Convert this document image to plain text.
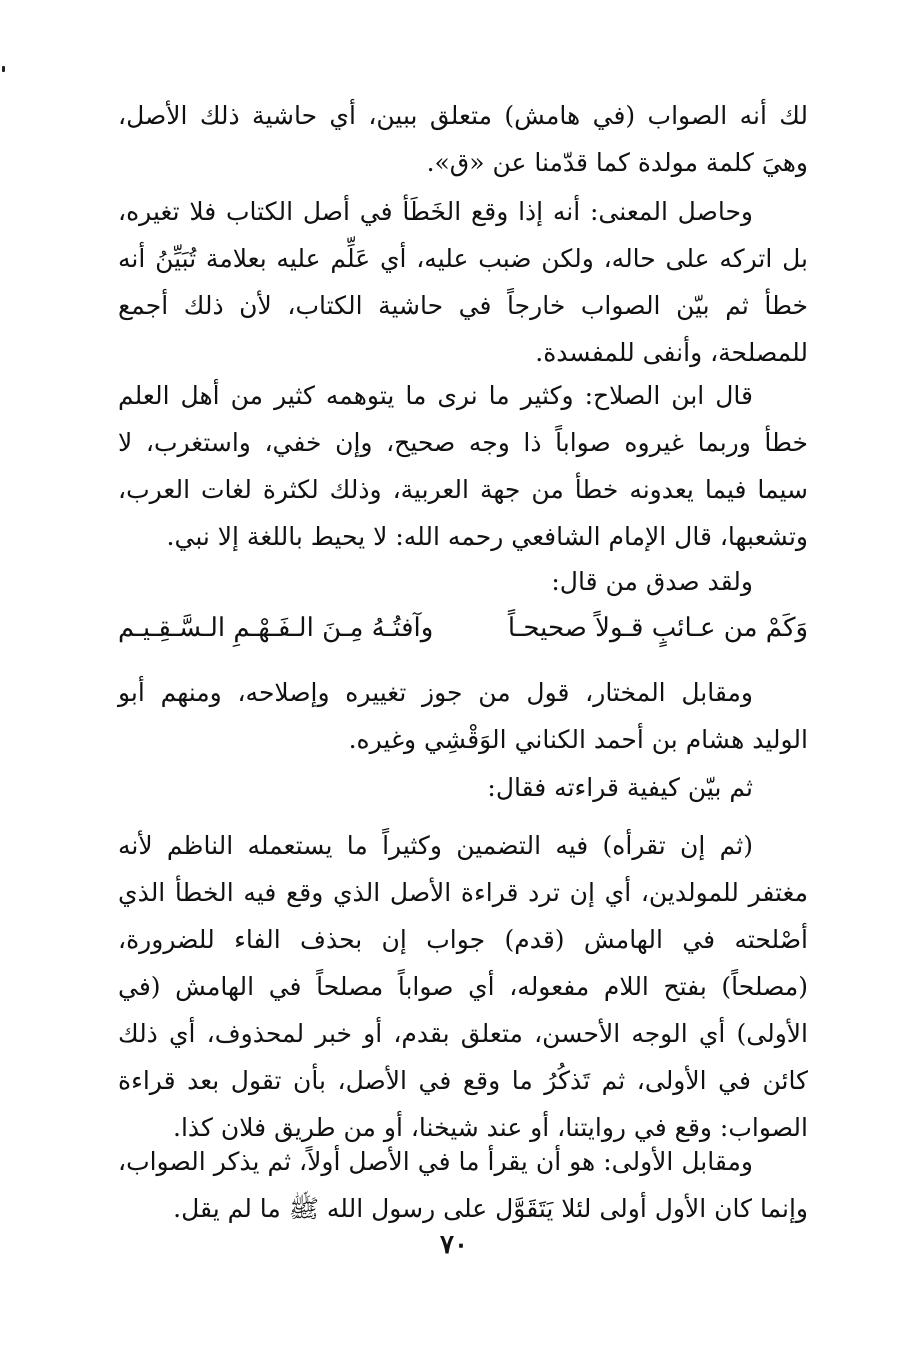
لك أنه الصواب (في هامش) متعلق ببين، أي حاشية ذلك الأصل، وهيَ كلمة مولدة كما قدّمنا عن «ق».

وحاصل المعنى: أنه إذا وقع الخَطَأ في أصل الكتاب فلا تغيره، بل اتركه على حاله، ولكن ضبب عليه، أي عَلِّم عليه بعلامة تُبَيِّنُ أنه خطأ ثم بيّن الصواب خارجاً في حاشية الكتاب، لأن ذلك أجمع للمصلحة، وأنفى للمفسدة.

قال ابن الصلاح: وكثير ما نرى ما يتوهمه كثير من أهل العلم خطأ وربما غيروه صواباً ذا وجه صحيح، وإن خفي، واستغرب، لا سيما فيما يعدونه خطأ من جهة العربية، وذلك لكثرة لغات العرب، وتشعبها، قال الإمام الشافعي رحمه الله: لا يحيط باللغة إلا نبي.

ولقد صدق من قال:

وَكَمْ من عـائبٍ قـولاً صحيحـاً
وآفتُـهُ مِـنَ الـفَـهْـمِ الـسَّـقِـيـم

ومقابل المختار، قول من جوز تغييره وإصلاحه، ومنهم أبو الوليد هشام بن أحمد الكناني الوَقْشِي وغيره.

ثم بيّن كيفية قراءته فقال:

(ثم إن تقرأه) فيه التضمين وكثيراً ما يستعمله الناظم لأنه مغتفر للمولدين، أي إن ترد قراءة الأصل الذي وقع فيه الخطأ الذي أصْلحته في الهامش (قدم) جواب إن بحذف الفاء للضرورة، (مصلحاً) بفتح اللام مفعوله، أي صواباً مصلحاً في الهامش (في الأولى) أي الوجه الأحسن، متعلق بقدم، أو خبر لمحذوف، أي ذلك كائن في الأولى، ثم تَذكُرُ ما وقع في الأصل، بأن تقول بعد قراءة الصواب: وقع في روايتنا، أو عند شيخنا، أو من طريق فلان كذا.

ومقابل الأولى: هو أن يقرأ ما في الأصل أولاً، ثم يذكر الصواب، وإنما كان الأول أولى لئلا يَتَقَوَّل على رسول الله ﷺ ما لم يقل.

٧٠
